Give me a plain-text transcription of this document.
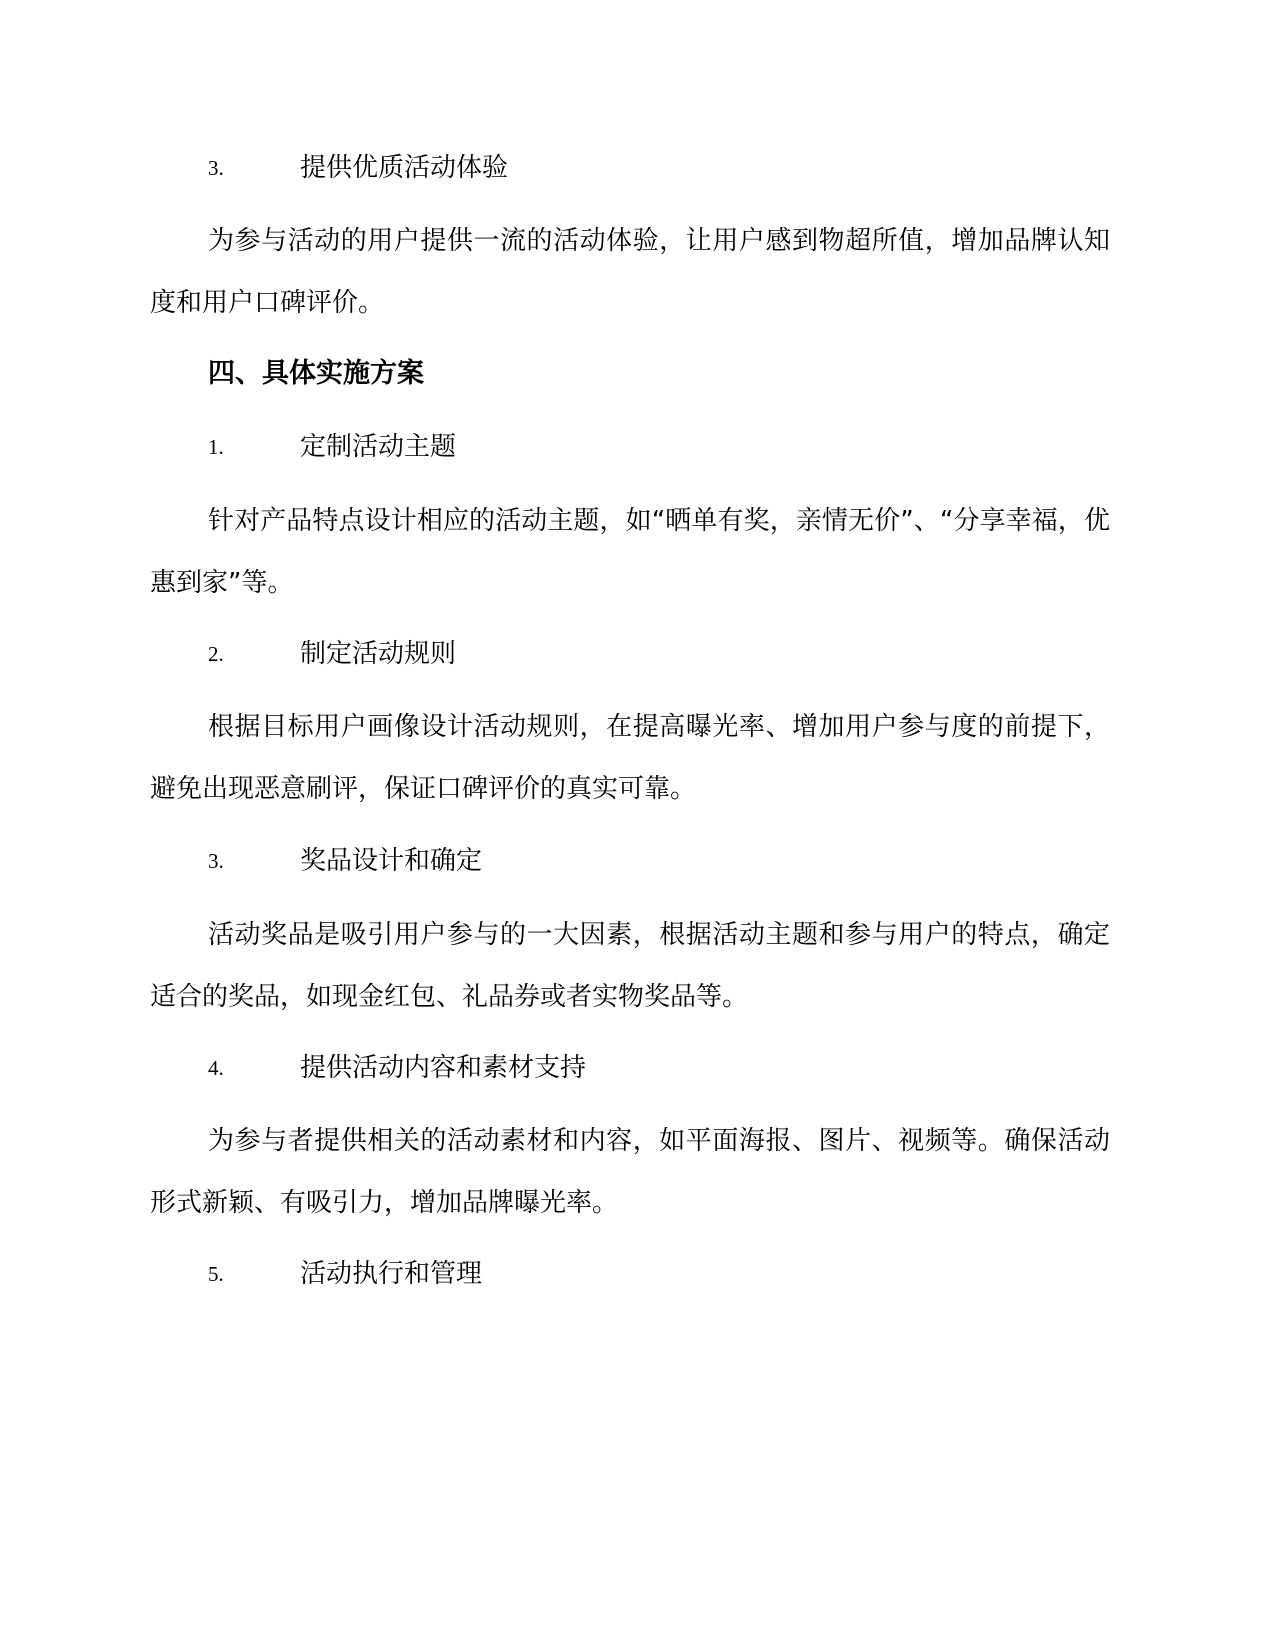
3.	提供优质活动体验

为参与活动的用户提供一流的活动体验，让用户感到物超所值，增加品牌认知度和用户口碑评价。

四、具体实施方案
1.	定制活动主题

针对产品特点设计相应的活动主题，如“晒单有奖，亲情无价”、“分享幸福，优惠到家”等。

2.	制定活动规则

根据目标用户画像设计活动规则，在提高曝光率、增加用户参与度的前提下，避免出现恶意刷评，保证口碑评价的真实可靠。

3.	奖品设计和确定

活动奖品是吸引用户参与的一大因素，根据活动主题和参与用户的特点，确定适合的奖品，如现金红包、礼品券或者实物奖品等。

4.	提供活动内容和素材支持

为参与者提供相关的活动素材和内容，如平面海报、图片、视频等。确保活动形式新颖、有吸引力，增加品牌曝光率。

5.	活动执行和管理
